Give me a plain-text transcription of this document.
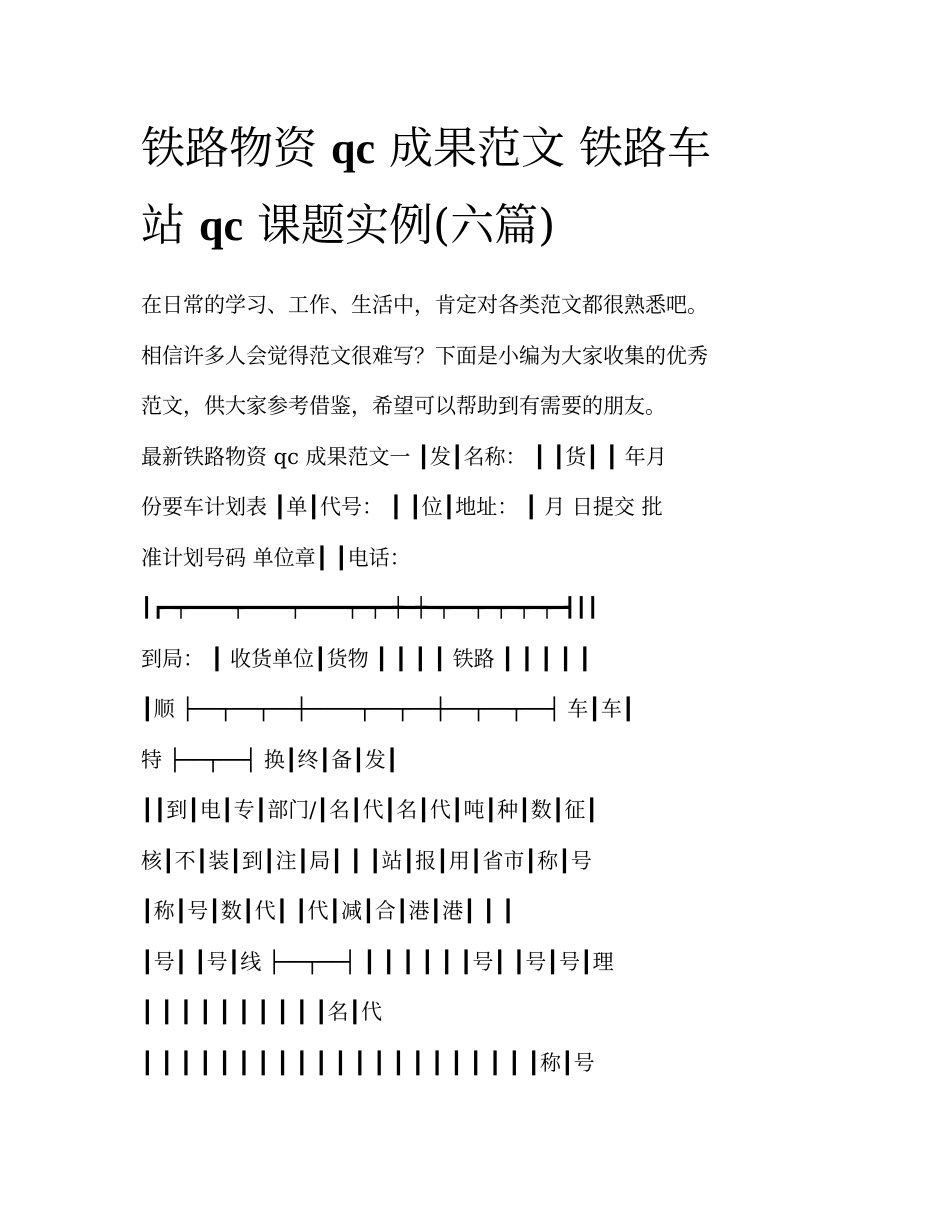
铁路物资 qc 成果范文 铁路车
站 qc 课题实例(六篇)
在日常的学习、工作、生活中，肯定对各类范文都很熟悉吧。
相信许多人会觉得范文很难写？下面是小编为大家收集的优秀
范文，供大家参考借鉴，希望可以帮助到有需要的朋友。
最新铁路物资 qc 成果范文一 ┃发┃名称： ┃ ┃货┃ ┃ 年月
份要车计划表 ┃单┃代号： ┃ ┃位┃地址： ┃ 月 日提交 批
准计划号码 单位章┃ ┃电话：
┃┏━┯━━━━┯━━━━┯━━━━┯━┯━┿━┿━┯━━┯━┯━┯━┯━┫┃┃
到局： ┃ 收货单位┃货物 ┃ ┃ ┃ ┃ 铁路 ┃ ┃ ┃ ┃ ┃
┃顺 ├──┬──┬──┼────┬──┬──┼──┬──┬──┤ 车┃车┃
特 ├──┬──┤ 换┃终┃备┃发┃
┃┃到┃电┃专┃部门/┃名┃代┃名┃代┃吨┃种┃数┃征┃
核┃不┃装┃到┃注┃局┃ ┃ ┃站┃报┃用┃省市┃称┃号
┃称┃号┃数┃代┃ ┃代┃减┃合┃港┃港┃ ┃ ┃
┃号┃ ┃号┃线 ├──┬──┤ ┃ ┃ ┃ ┃ ┃ ┃号┃ ┃号┃号┃理
┃ ┃ ┃ ┃ ┃ ┃ ┃ ┃ ┃ ┃名┃代
┃ ┃ ┃ ┃ ┃ ┃ ┃ ┃ ┃ ┃ ┃ ┃ ┃ ┃ ┃ ┃ ┃ ┃ ┃ ┃ ┃称┃号
